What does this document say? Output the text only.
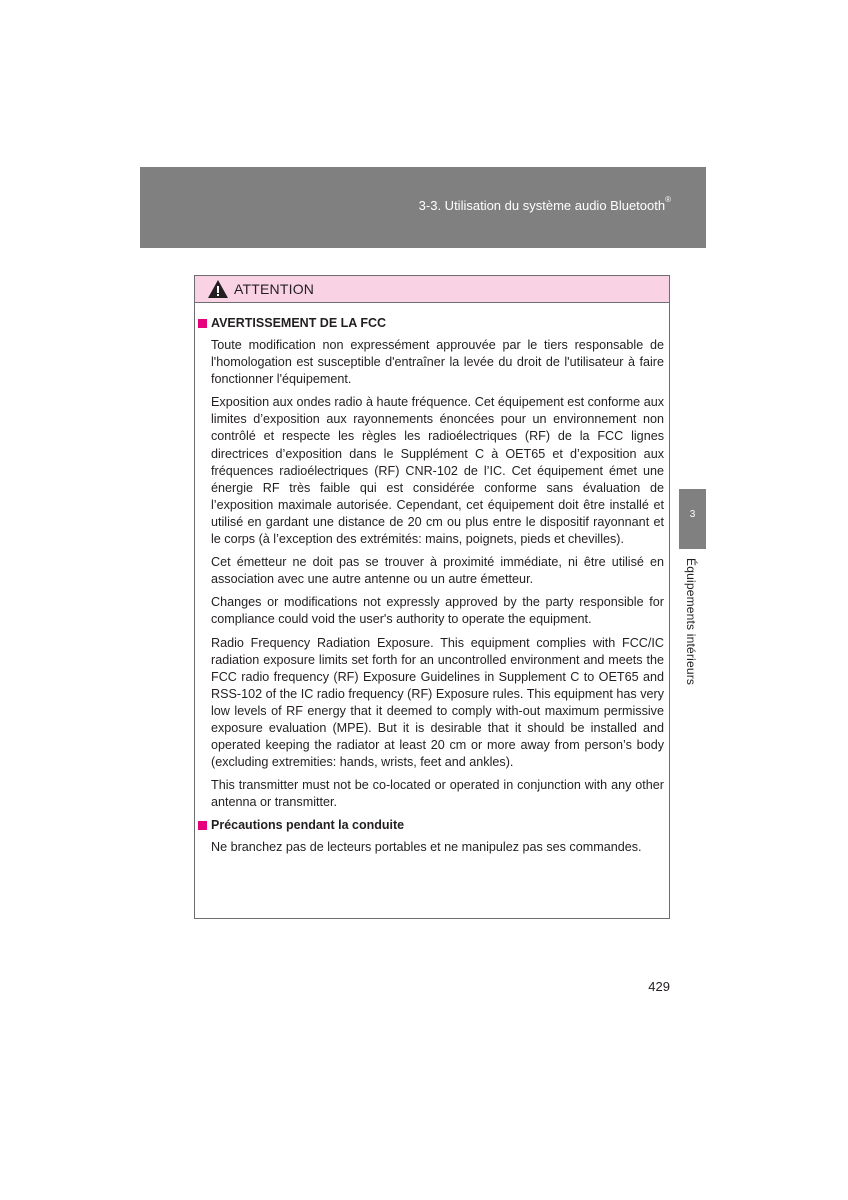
3-3. Utilisation du système audio Bluetooth®
3
Équipements intérieurs
ATTENTION
AVERTISSEMENT DE LA FCC

Toute modification non expressément approuvée par le tiers responsable de l'homologation est susceptible d'entraîner la levée du droit de l'utilisateur à faire fonctionner l'équipement.

Exposition aux ondes radio à haute fréquence. Cet équipement est conforme aux limites d’exposition aux rayonnements énoncées pour un environnement non contrôlé et respecte les règles les radioélectriques (RF) de la FCC lignes directrices d’exposition dans le Supplément C à OET65 et d’exposition aux fréquences radioélectriques (RF) CNR-102 de l’IC. Cet équipement émet une énergie RF très faible qui est considérée conforme sans évaluation de l’exposition maximale autorisée. Cependant, cet équipement doit être installé et utilisé en gardant une distance de 20 cm ou plus entre le dispositif rayonnant et le corps (à l’exception des extrémités: mains, poignets, pieds et chevilles).

Cet émetteur ne doit pas se trouver à proximité immédiate, ni être utilisé en association avec une autre antenne ou un autre émetteur.

Changes or modifications not expressly approved by the party responsible for compliance could void the user's authority to operate the equipment.

Radio Frequency Radiation Exposure. This equipment complies with FCC/IC radiation exposure limits set forth for an uncontrolled environment and meets the FCC radio frequency (RF) Exposure Guidelines in Supplement C to OET65 and RSS-102 of the IC radio frequency (RF) Exposure rules. This equipment has very low levels of RF energy that it deemed to comply with-out maximum permissive exposure evaluation (MPE). But it is desirable that it should be installed and operated keeping the radiator at least 20 cm or more away from person’s body (excluding extremities: hands, wrists, feet and ankles).

This transmitter must not be co-located or operated in conjunction with any other antenna or transmitter.

Précautions pendant la conduite

Ne branchez pas de lecteurs portables et ne manipulez pas ses commandes.

429
